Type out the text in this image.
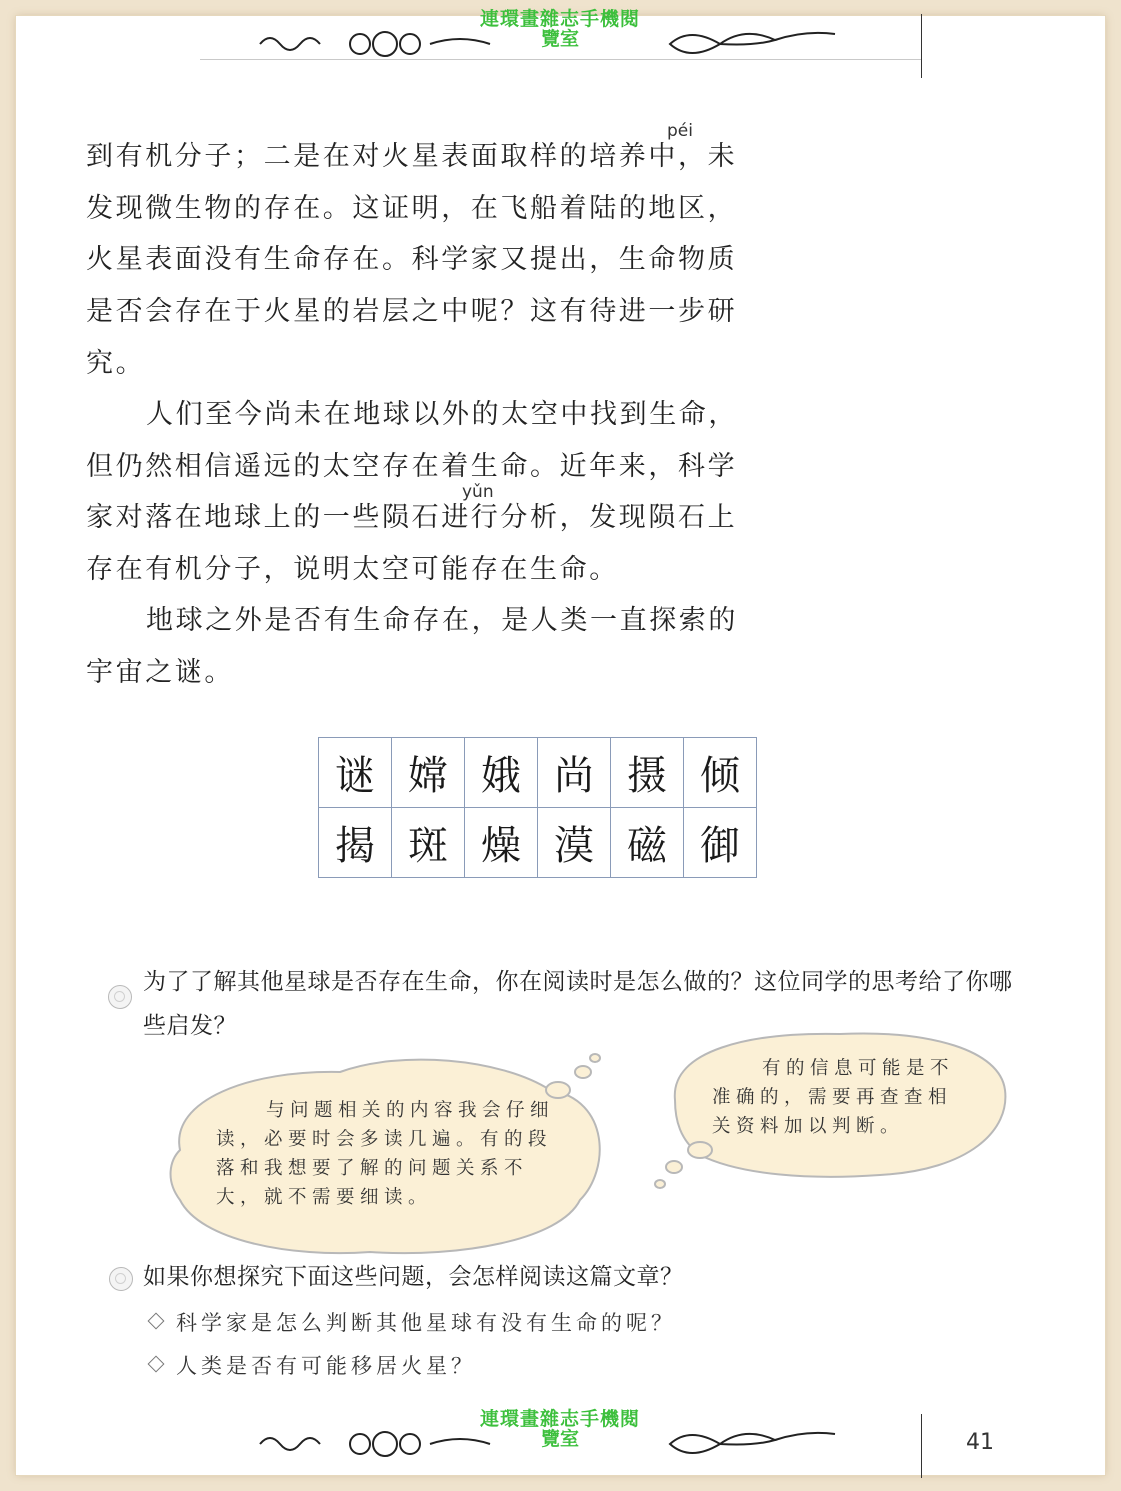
連環畫雜志手機閱
覽室

到有机分子；二是在对火星表面取样的培养中，未发现微生物的存在。这证明，在飞船着陆的地区，火星表面没有生命存在。科学家又提出，生命物质是否会存在于火星的岩层之中呢？这有待进一步研究。

péi

人们至今尚未在地球以外的太空中找到生命，但仍然相信遥远的太空存在着生命。近年来，科学家对落在地球上的一些陨石进行分析，发现陨石上存在有机分子，说明太空可能存在生命。

yǔn

地球之外是否有生命存在，是人类一直探索的宇宙之谜。

谜	嫦	娥	尚	摄	倾
揭	斑	燥	漠	磁	御

为了了解其他星球是否存在生命，你在阅读时是怎么做的？这位同学的思考给了你哪些启发？

与问题相关的内容我会仔细读，必要时会多读几遍。有的段落和我想要了解的问题关系不大，就不需要细读。

有的信息可能是不准确的，需要再查查相关资料加以判断。

如果你想探究下面这些问题，会怎样阅读这篇文章？

科学家是怎么判断其他星球有没有生命的呢？

人类是否有可能移居火星？

連環畫雜志手機閱
覽室	41
